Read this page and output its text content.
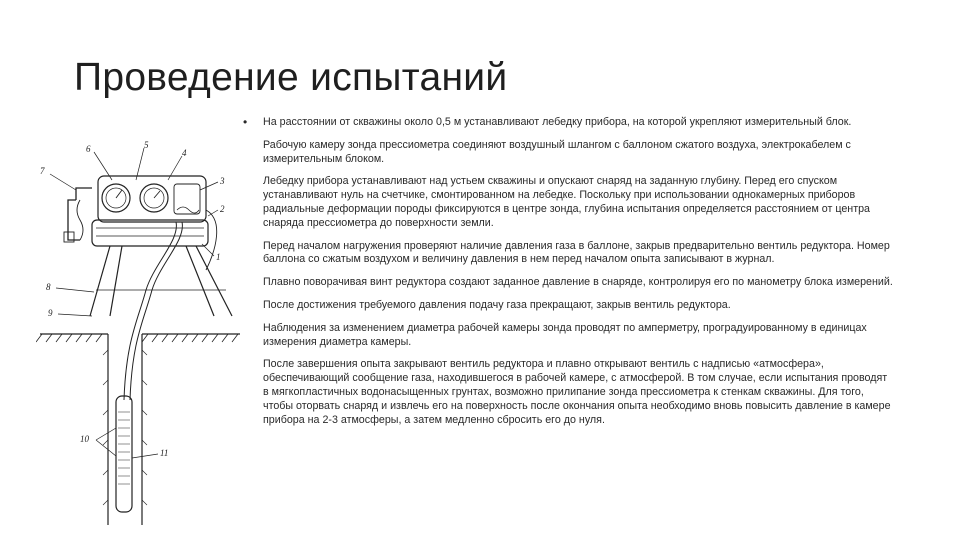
Проведение испытаний
6	5
4
7
3
2
1
8
9
10
11
• На расстоянии от скважины около 0,5 м устанавливают лебедку прибора, на которой укрепляют измерительный блок.

Рабочую камеру зонда прессиометра соединяют воздушный шлангом с баллоном сжатого воздуха, электрокабелем с измерительным блоком.

Лебедку прибора устанавливают над устьем скважины и опускают снаряд на заданную глубину. Перед его спуском устанавливают нуль на счетчике, смонтированном на лебедке. Поскольку при использовании однокамерных приборов радиальные деформации породы фиксируются в центре зонда, глубина испытания определяется расстоянием от центра снаряда прессиометра до поверхности земли.

Перед началом нагружения проверяют наличие давления газа в баллоне, закрыв предварительно вентиль редуктора. Номер баллона со сжатым воздухом и величину давления в нем перед началом опыта записывают в журнал.

Плавно поворачивая винт редуктора создают заданное давление в снаряде, контролируя его по манометру блока измерений.

После достижения требуемого давления подачу газа прекращают, закрыв вентиль редуктора.

Наблюдения за изменением диаметра рабочей камеры зонда проводят по амперметру, проградуированному в единицах измерения диаметра камеры.

После завершения опыта закрывают вентиль редуктора и плавно открывают вентиль с надписью «атмосфера», обеспечивающий сообщение газа, находившегося в рабочей камере, с атмосферой. В том случае, если испытания проводят в мягкопластичных водонасыщенных грунтах, возможно прилипание зонда прессиометра к стенкам скважины. Для того, чтобы оторвать снаряд и извлечь его на поверхность после окончания опыта необходимо вновь повысить давление в камере прибора на 2-3 атмосферы, а затем медленно сбросить его до нуля.
